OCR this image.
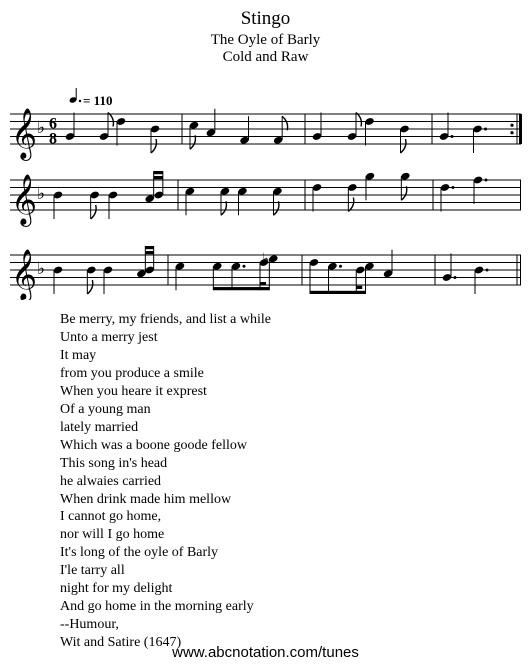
Stingo
The Oyle of Barly
Cold and Raw
𝄞 ♭ 6
8
= 110
𝄞 ♭
𝄞 ♭
♭
Be merry, my friends, and list a while
Unto a merry jest
It may
from you produce a smile
When you heare it exprest
Of a young man
lately married
Which was a boone goode fellow
This song in's head
he alwaies carried
When drink made him mellow
I cannot go home,
nor will I go home
It's long of the oyle of Barly
I'le tarry all
night for my delight
And go home in the morning early
--Humour,
Wit and Satire (1647)
www.abcnotation.com/tunes
